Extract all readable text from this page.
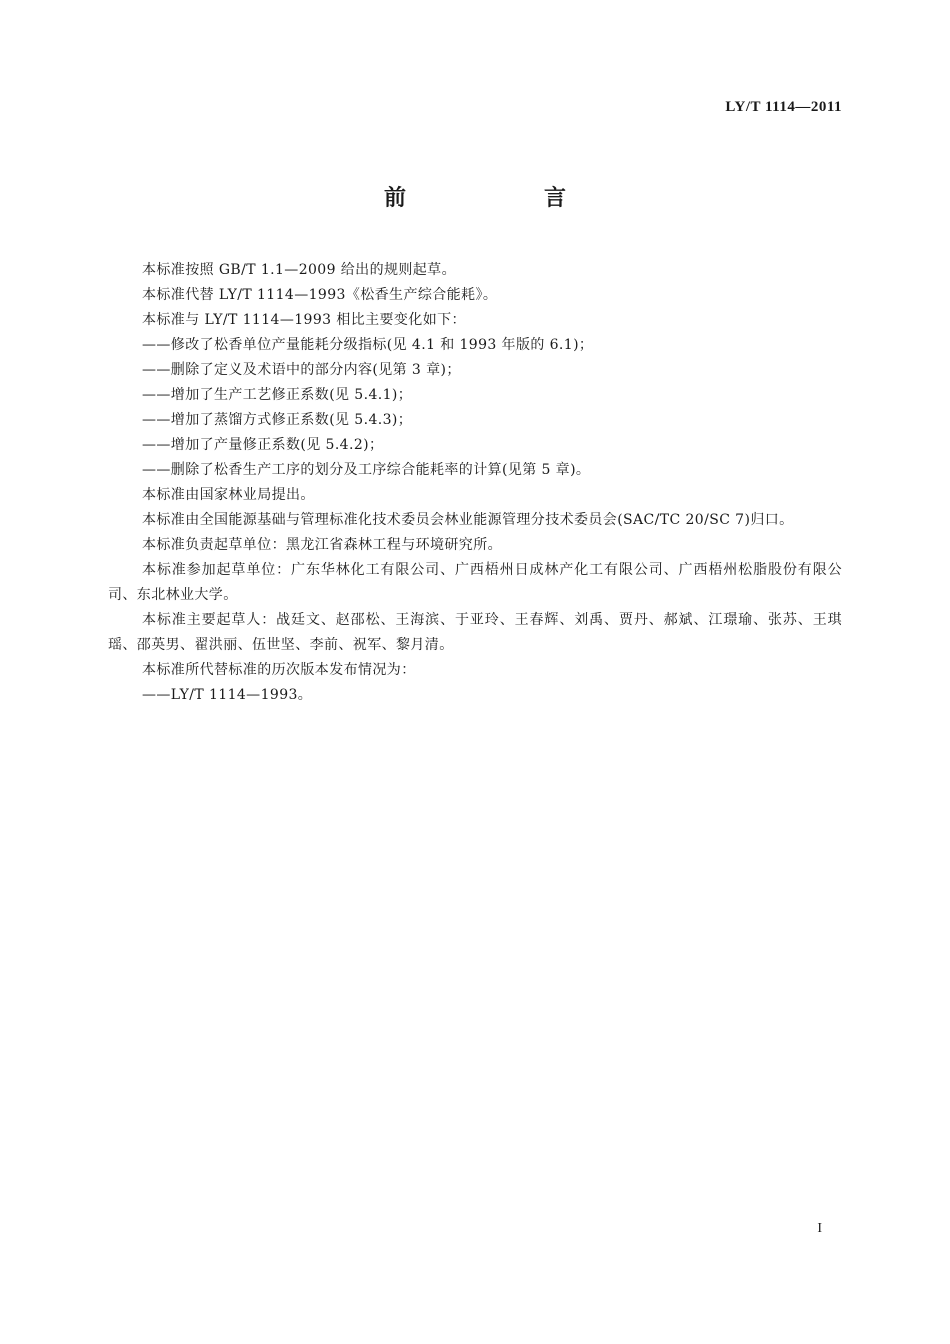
LY/T 1114—2011
前　言

本标准按照 GB/T 1.1—2009 给出的规则起草。

本标准代替 LY/T 1114—1993《松香生产综合能耗》。

本标准与 LY/T 1114—1993 相比主要变化如下：

——修改了松香单位产量能耗分级指标(见 4.1 和 1993 年版的 6.1)；

——删除了定义及术语中的部分内容(见第 3 章)；

——增加了生产工艺修正系数(见 5.4.1)；

——增加了蒸馏方式修正系数(见 5.4.3)；

——增加了产量修正系数(见 5.4.2)；

——删除了松香生产工序的划分及工序综合能耗率的计算(见第 5 章)。

本标准由国家林业局提出。

本标准由全国能源基础与管理标准化技术委员会林业能源管理分技术委员会(SAC/TC 20/SC 7)归口。

本标准负责起草单位：黑龙江省森林工程与环境研究所。

本标准参加起草单位：广东华林化工有限公司、广西梧州日成林产化工有限公司、广西梧州松脂股份有限公司、东北林业大学。

本标准主要起草人：战廷文、赵邵松、王海滨、于亚玲、王春辉、刘禹、贾丹、郝斌、江璟瑜、张苏、王琪瑶、邵英男、翟洪丽、伍世坚、李前、祝军、黎月清。

本标准所代替标准的历次版本发布情况为：

——LY/T 1114—1993。

I
